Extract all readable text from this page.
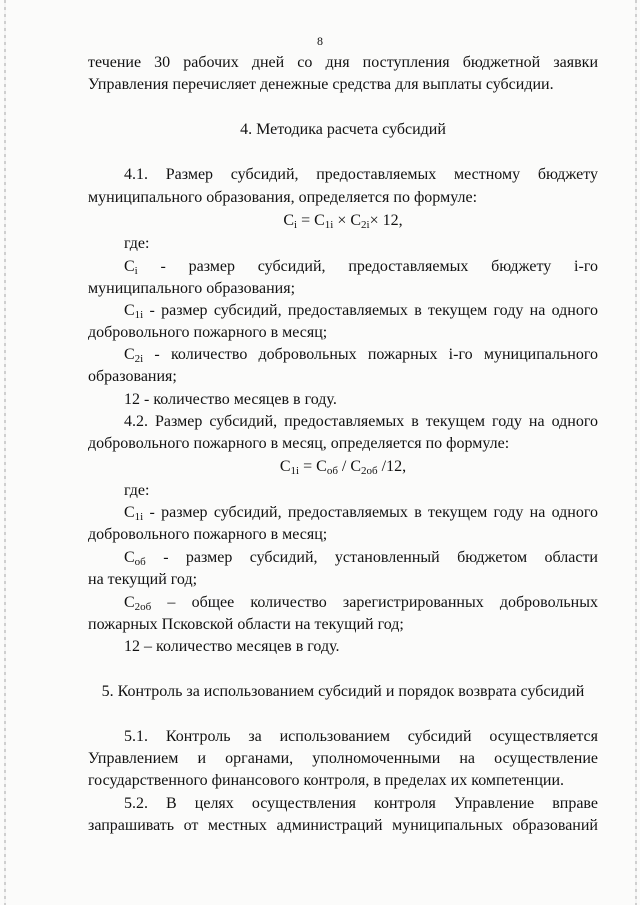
8
течение 30 рабочих дней со дня поступления бюджетной заявки
Управления перечисляет денежные средства для выплаты субсидии.
4. Методика расчета субсидий
4.1. Размер субсидий, предоставляемых местному бюджету
муниципального образования, определяется по формуле:
$C_i = C_{1i} \times C_{2i}\times 12$,
где:
$C_i$ - размер субсидий, предоставляемых бюджету i-го
муниципального образования;
$C_{1i}$ - размер субсидий, предоставляемых в текущем году на одного
добровольного пожарного в месяц;
$C_{2i}$ - количество добровольных пожарных i-го муниципального
образования;
12 - количество месяцев в году.
4.2. Размер субсидий, предоставляемых в текущем году на одного
добровольного пожарного в месяц, определяется по формуле:
$C_{1i} = C_{об} / C_{2об}$ /12,
где:
$C_{1i}$ - размер субсидий, предоставляемых в текущем году на одного
добровольного пожарного в месяц;
$C_{об}$ - размер субсидий, установленный бюджетом области
на текущий год;
$C_{2об}$ – общее количество зарегистрированных добровольных
пожарных Псковской области на текущий год;
12 – количество месяцев в году.
5. Контроль за использованием субсидий и порядок возврата субсидий
5.1. Контроль за использованием субсидий осуществляется
Управлением и органами, уполномоченными на осуществление
государственного финансового контроля, в пределах их компетенции.
5.2. В целях осуществления контроля Управление вправе
запрашивать от местных администраций муниципальных образований
